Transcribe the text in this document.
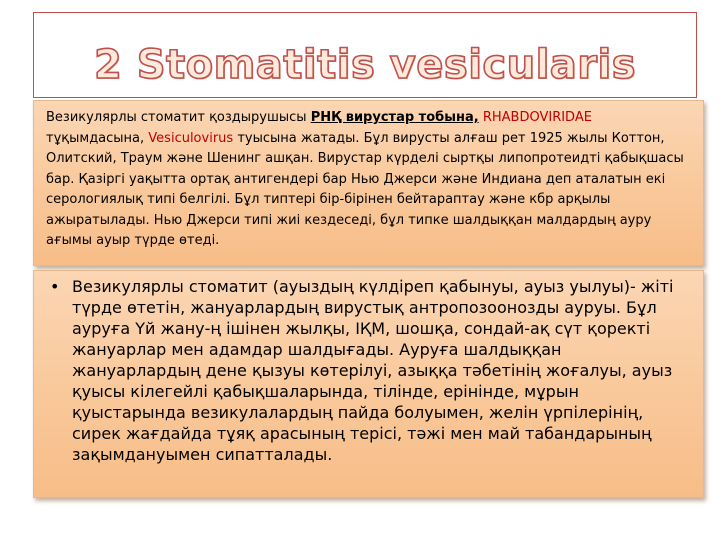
2 Stomatitis vesicularis
Везикулярлы стоматит қоздырушысы РНҚ вирустар тобына, RHABDOVIRIDAE тұқымдасына, Vesiculovirus туысына жатады. Бұл вирусты алғаш рет 1925 жылы Коттон, Олитский, Траум және Шенинг ашқан. Вирустар күрделі сыртқы липопротеидті қабықшасы бар. Қазіргі уақытта ортақ антигендері бар Нью Джерси және Индиана деп аталатын екі серологиялық типі белгілі. Бұл типтері бір-бірінен бейтараптау және кбр арқылы ажыратылады. Нью Джерси типі жиі кездеседі, бұл типке шалдыққан малдардың ауру ағымы ауыр түрде өтеді.
• Везикулярлы стоматит (ауыздың күлдіреп қабынуы, ауыз уылуы)- жіті түрде өтетін, жануарлардың вирустық антропозоонозды ауруы. Бұл ауруға Үй жану-ң ішінен жылқы, ІҚМ, шошқа, сондай-ақ сүт қоректі жануарлар мен адамдар шалдығады. Ауруға шалдыққан жануарлардың дене қызуы көтерілуі, азыққа тәбетінің жоғалуы, ауыз қуысы кілегейлі қабықшаларында, тілінде, ерінінде, мұрын қуыстарында везикулалардың пайда болуымен, желін үрпілерінің, сирек жағдайда тұяқ арасының терісі, тәжі мен май табандарының зақымдануымен сипатталады.
